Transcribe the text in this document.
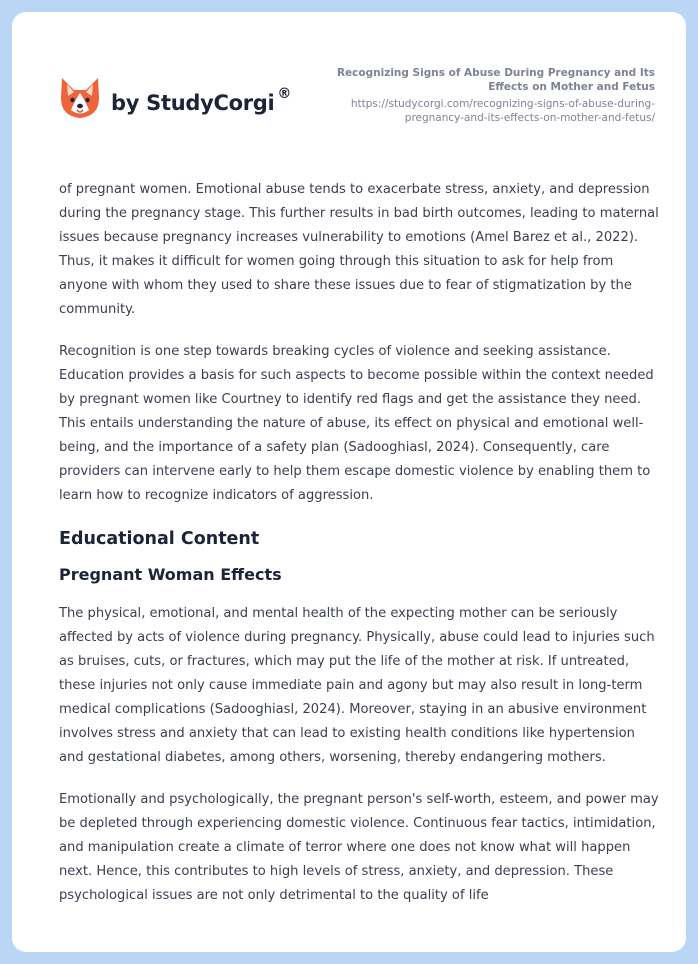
by StudyCorgi ®
Recognizing Signs of Abuse During Pregnancy and Its Effects on Mother and Fetus
https://studycorgi.com/recognizing-signs-of-abuse-during-pregnancy-and-its-effects-on-mother-and-fetus/

of pregnant women. Emotional abuse tends to exacerbate stress, anxiety, and depression during the pregnancy stage. This further results in bad birth outcomes, leading to maternal issues because pregnancy increases vulnerability to emotions (Amel Barez et al., 2022). Thus, it makes it difficult for women going through this situation to ask for help from anyone with whom they used to share these issues due to fear of stigmatization by the community.

Recognition is one step towards breaking cycles of violence and seeking assistance. Education provides a basis for such aspects to become possible within the context needed by pregnant women like Courtney to identify red flags and get the assistance they need. This entails understanding the nature of abuse, its effect on physical and emotional well-being, and the importance of a safety plan (Sadooghiasl, 2024). Consequently, care providers can intervene early to help them escape domestic violence by enabling them to learn how to recognize indicators of aggression.

Educational Content
Pregnant Woman Effects

The physical, emotional, and mental health of the expecting mother can be seriously affected by acts of violence during pregnancy. Physically, abuse could lead to injuries such as bruises, cuts, or fractures, which may put the life of the mother at risk. If untreated, these injuries not only cause immediate pain and agony but may also result in long-term medical complications (Sadooghiasl, 2024). Moreover, staying in an abusive environment involves stress and anxiety that can lead to existing health conditions like hypertension and gestational diabetes, among others, worsening, thereby endangering mothers.

Emotionally and psychologically, the pregnant person's self-worth, esteem, and power may be depleted through experiencing domestic violence. Continuous fear tactics, intimidation, and manipulation create a climate of terror where one does not know what will happen next. Hence, this contributes to high levels of stress, anxiety, and depression. These psychological issues are not only detrimental to the quality of life
